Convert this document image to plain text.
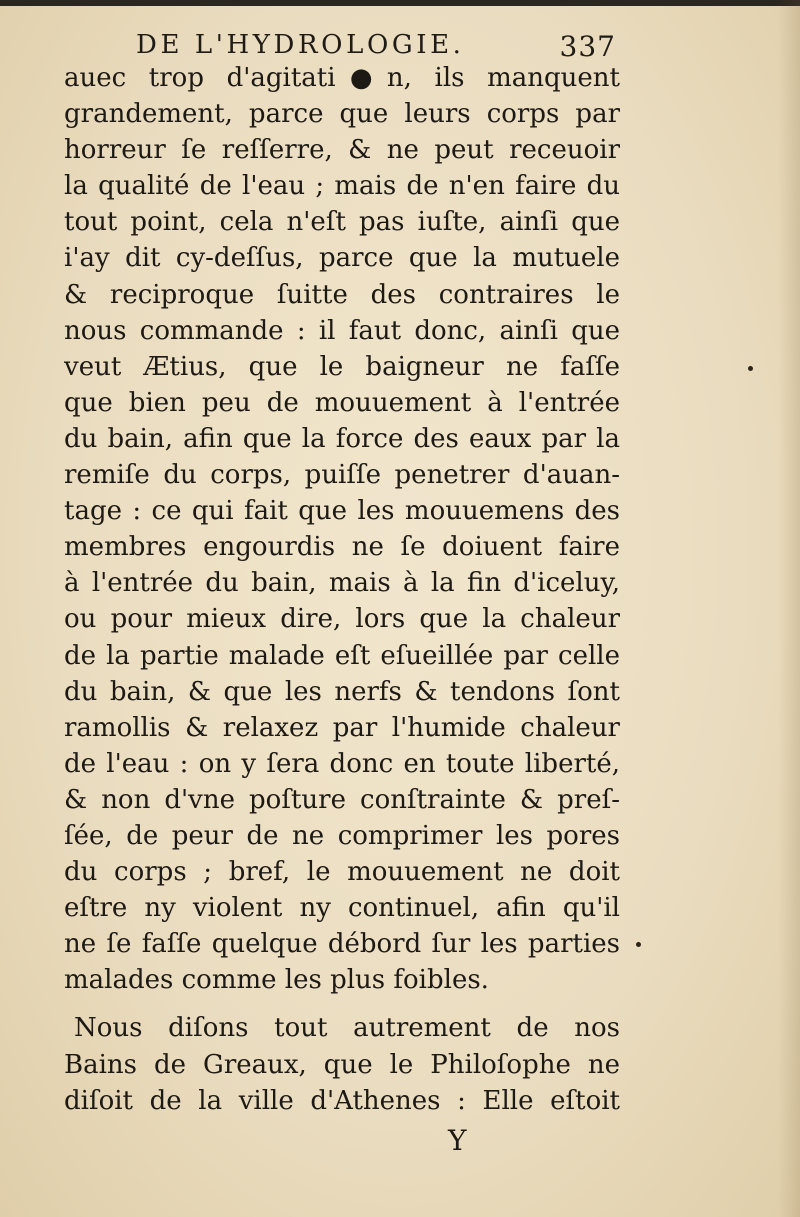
DE L'HYDROLOGIE.	337
auec trop d'agitati●n, ils manquent
grandement, parce que leurs corps par
horreur ſe reſſerre, & ne peut receuoir
la qualité de l'eau ; mais de n'en faire du
tout point, cela n'eſt pas iuſte, ainſi que
i'ay dit cy-deſſus, parce que la mutuele
& reciproque ſuitte des contraires le
nous commande : il faut donc, ainſi que
veut Ætius, que le baigneur ne faſſe
que bien peu de mouuement à l'entrée
du bain, afin que la force des eaux par la
remiſe du corps, puiſſe penetrer d'auan-
tage : ce qui fait que les mouuemens des
membres engourdis ne ſe doiuent faire
à l'entrée du bain, mais à la fin d'iceluy,
ou pour mieux dire, lors que la chaleur
de la partie malade eſt eſueillée par celle
du bain, & que les nerfs & tendons ſont
ramollis & relaxez par l'humide chaleur
de l'eau : on y ſera donc en toute liberté,
& non d'vne poſture conſtrainte & preſ-
ſée, de peur de ne comprimer les pores
du corps ; bref, le mouuement ne doit
eſtre ny violent ny continuel, afin qu'il
ne ſe faſſe quelque débord ſur les parties
malades comme les plus foibles.
Nous diſons tout autrement de nos
Bains de Greaux, que le Philoſophe ne
diſoit de la ville d'Athenes : Elle eſtoit
Y
